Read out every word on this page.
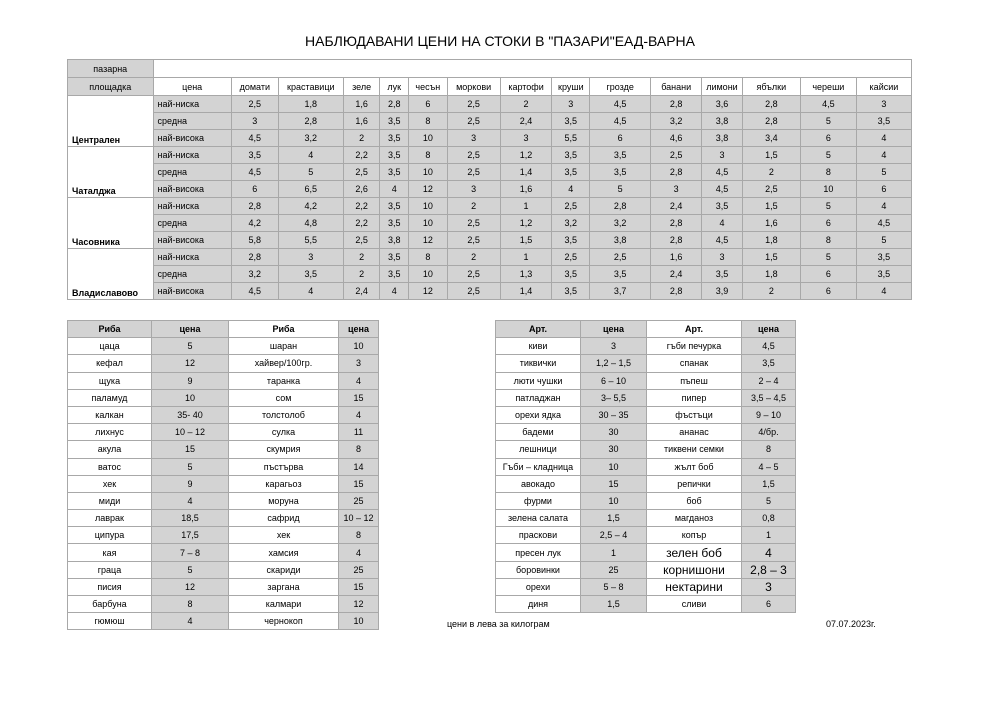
НАБЛЮДАВАНИ ЦЕНИ НА СТОКИ В "ПАЗАРИ"ЕАД-ВАРНА
пазарна															
площадка	цена	домати	краставици	зеле	лук	чесън	моркови	картофи	круши	грозде	банани	лимони	ябълки	череши	кайсии
Централен	най-ниска	2,5	1,8	1,6	2,8	6	2,5	2	3	4,5	2,8	3,6	2,8	4,5	3
	средна	3	2,8	1,6	3,5	8	2,5	2,4	3,5	4,5	3,2	3,8	2,8	5	3,5
	най-висока	4,5	3,2	2	3,5	10	3	3	5,5	6	4,6	3,8	3,4	6	4
Чаталджа	най-ниска	3,5	4	2,2	3,5	8	2,5	1,2	3,5	3,5	2,5	3	1,5	5	4
	средна	4,5	5	2,5	3,5	10	2,5	1,4	3,5	3,5	2,8	4,5	2	8	5
	най-висока	6	6,5	2,6	4	12	3	1,6	4	5	3	4,5	2,5	10	6
Часовника	най-ниска	2,8	4,2	2,2	3,5	10	2	1	2,5	2,8	2,4	3,5	1,5	5	4
	средна	4,2	4,8	2,2	3,5	10	2,5	1,2	3,2	3,2	2,8	4	1,6	6	4,5
	най-висока	5,8	5,5	2,5	3,8	12	2,5	1,5	3,5	3,8	2,8	4,5	1,8	8	5
Владиславово	най-ниска	2,8	3	2	3,5	8	2	1	2,5	2,5	1,6	3	1,5	5	3,5
	средна	3,2	3,5	2	3,5	10	2,5	1,3	3,5	3,5	2,4	3,5	1,8	6	3,5
	най-висока	4,5	4	2,4	4	12	2,5	1,4	3,5	3,7	2,8	3,9	2	6	4
Риба	цена	Риба	цена
цаца	5	шаран	10
кефал	12	хайвер/100гр.	3
щука	9	таранка	4
паламуд	10	сом	15
калкан	35- 40	толстолоб	4
лихнус	10 – 12	сулка	11
акула	15	скумрия	8
ватос	5	пъстърва	14
хек	9	карагьоз	15
миди	4	моруна	25
лаврак	18,5	сафрид	10 – 12
ципура	17,5	хек	8
кая	7 – 8	хамсия	4
граца	5	скариди	25
писия	12	заргана	15
барбуна	8	калмари	12
гюмюш	4	чернокоп	10
Арт.	цена	Арт.	цена
киви	3	гъби печурка	4,5
тиквички	1,2 – 1,5	спанак	3,5
люти чушки	6 – 10	пъпеш	2 – 4
патладжан	3– 5,5	пипер	3,5 – 4,5
орехи ядка	30 – 35	фъстъци	9 – 10
бадеми	30	ананас	4/бр.
лешници	30	тиквени семки	8
Гъби – кладница	10	жълт боб	4 – 5
авокадо	15	репички	1,5
фурми	10	боб	5
зелена салата	1,5	магданоз	0,8
праскови	2,5 – 4	копър	1
пресен лук	1	зелен боб	4
боровинки	25	корнишони	2,8 – 3
орехи	5 – 8	нектарини	3
диня	1,5	сливи	6
цени в лева за килограм	07.07.2023г.
